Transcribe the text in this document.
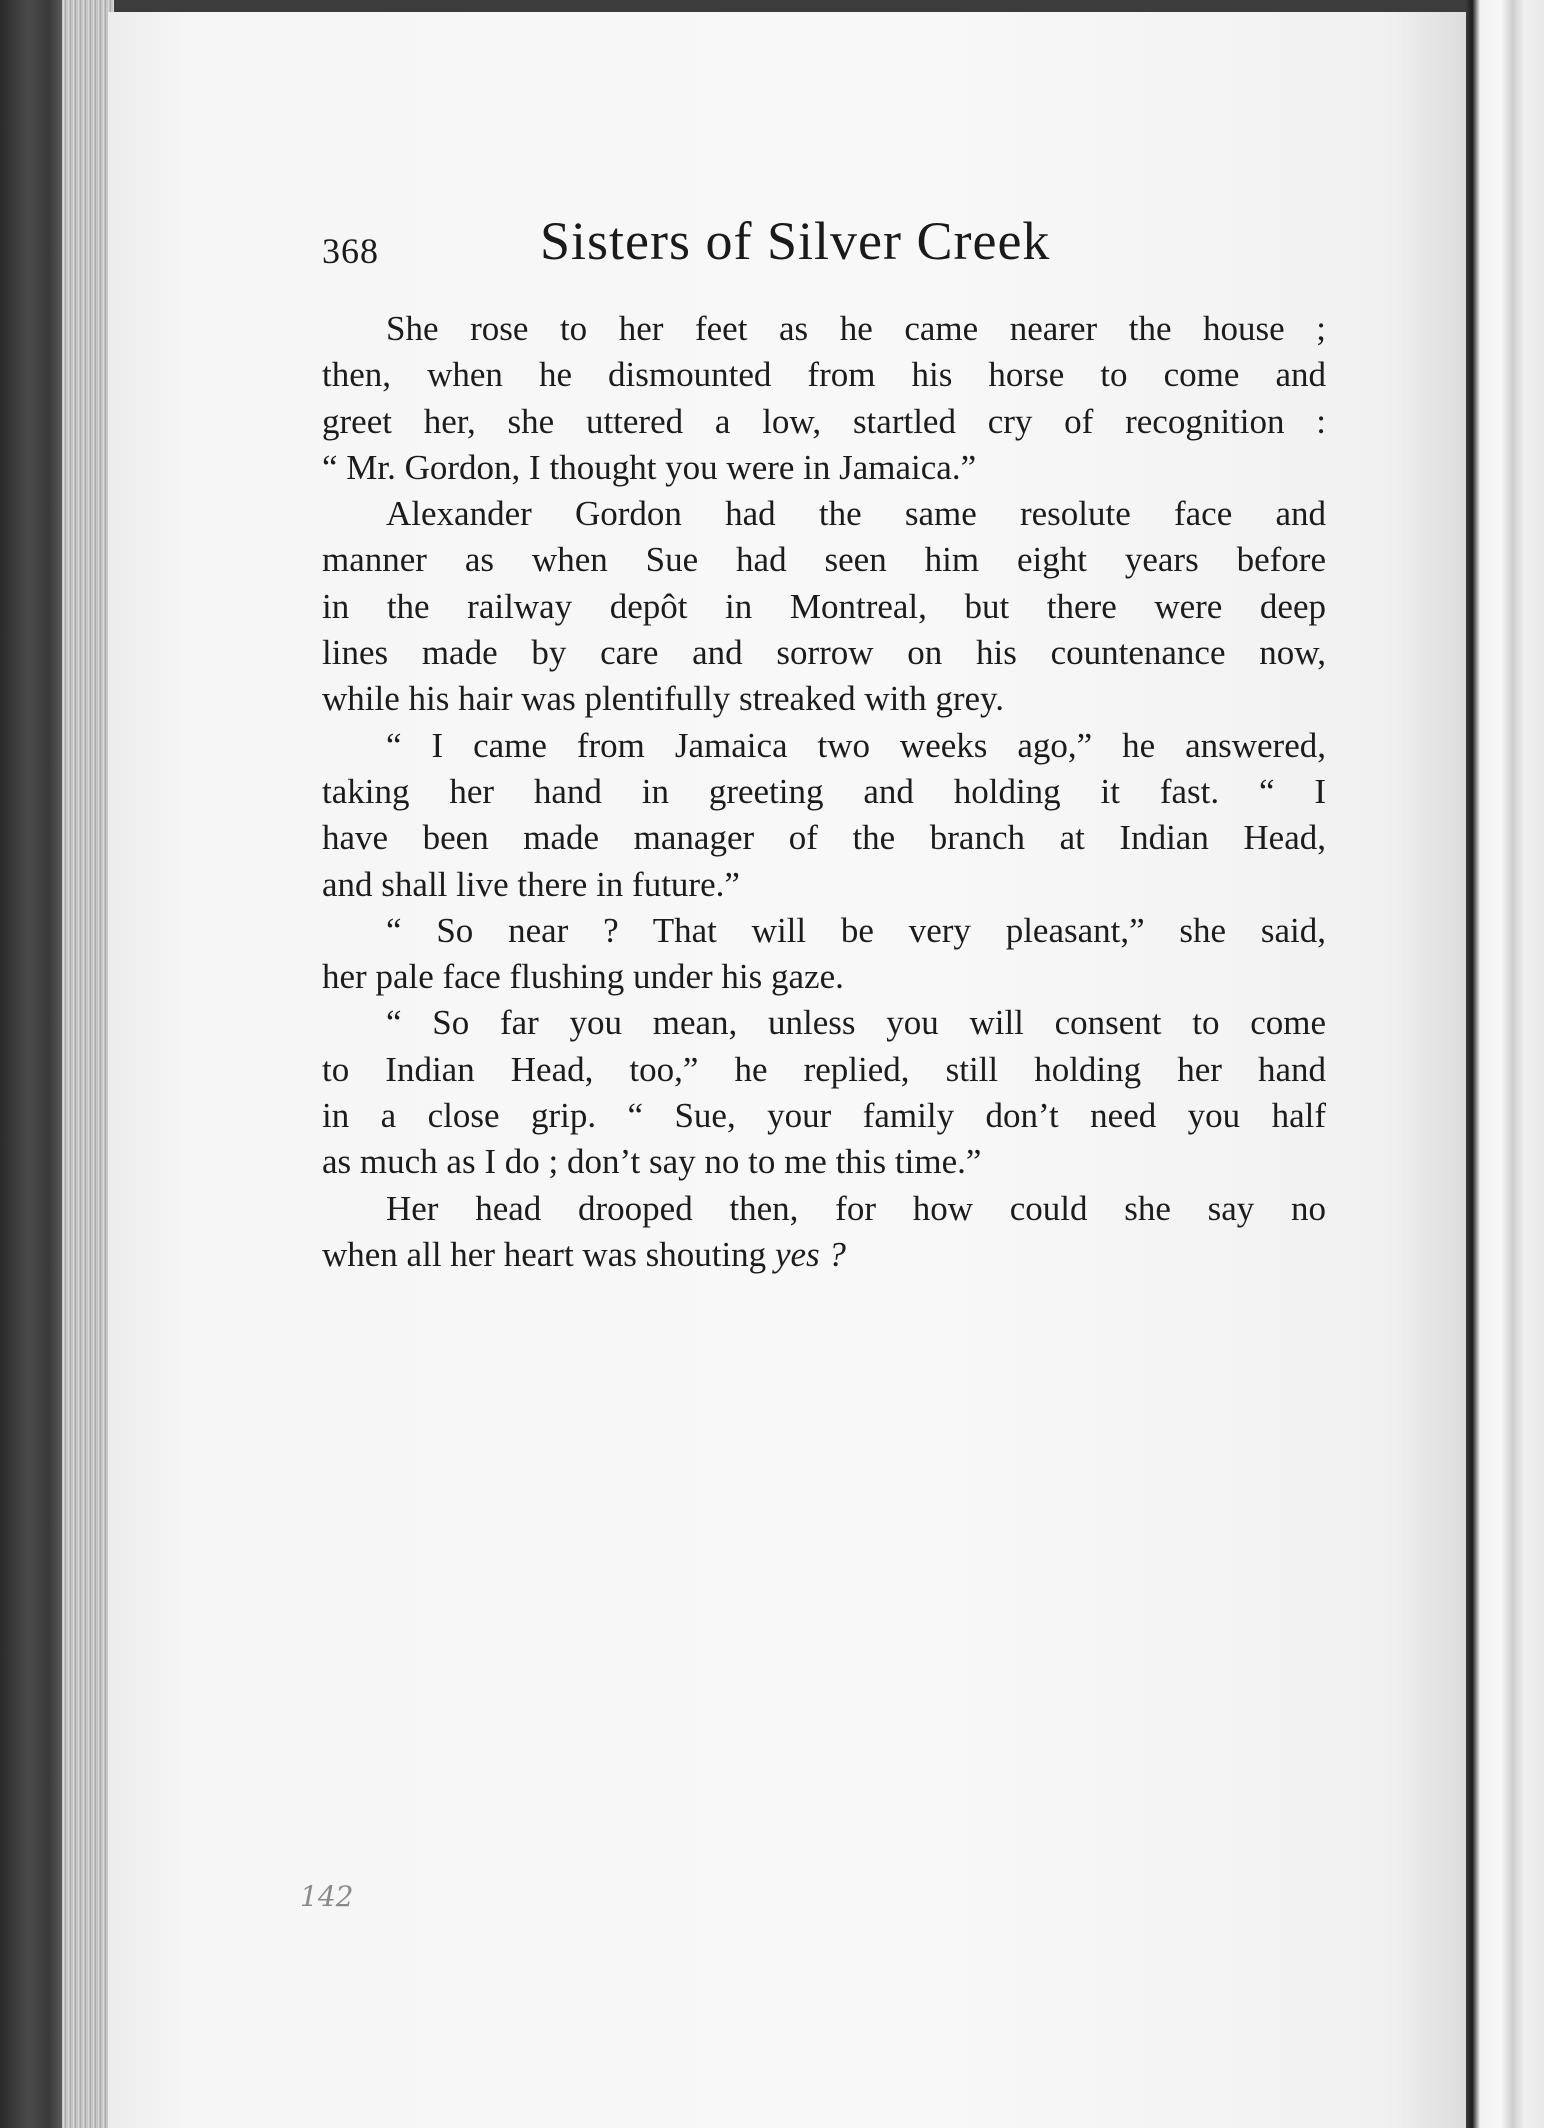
368	Sisters of Silver Creek
She rose to her feet as he came nearer the house ;
then, when he dismounted from his horse to come and
greet her, she uttered a low, startled cry of recognition :
“ Mr. Gordon, I thought you were in Jamaica.”
Alexander Gordon had the same resolute face and
manner as when Sue had seen him eight years before
in the railway depôt in Montreal, but there were deep
lines made by care and sorrow on his countenance now,
while his hair was plentifully streaked with grey.
“ I came from Jamaica two weeks ago,” he answered,
taking her hand in greeting and holding it fast. “ I
have been made manager of the branch at Indian Head,
and shall live there in future.”
“ So near ? That will be very pleasant,” she said,
her pale face flushing under his gaze.
“ So far you mean, unless you will consent to come
to Indian Head, too,” he replied, still holding her hand
in a close grip. “ Sue, your family don’t need you half
as much as I do ; don’t say no to me this time.”
Her head drooped then, for how could she say no
when all her heart was shouting yes ?
142
